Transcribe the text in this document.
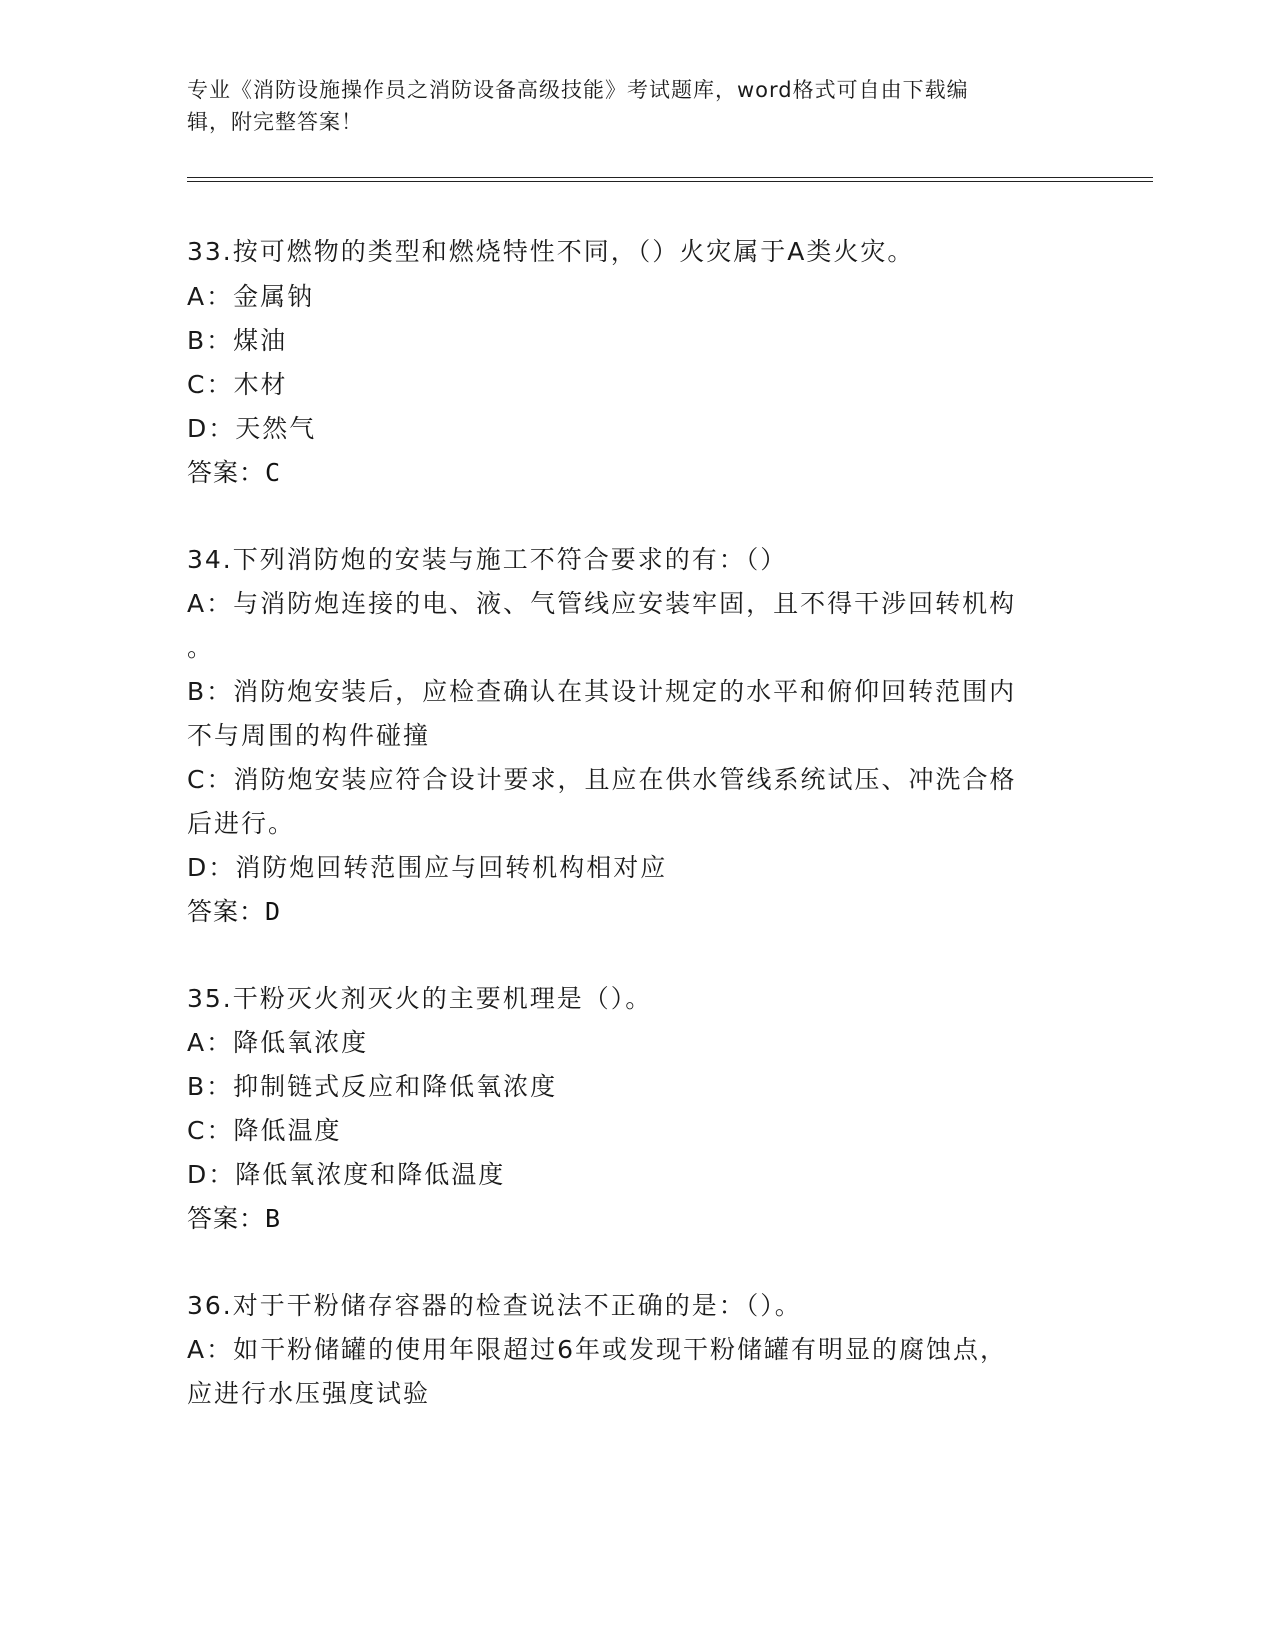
专业《消防设施操作员之消防设备高级技能》考试题库，word格式可自由下载编
辑，附完整答案！
33.按可燃物的类型和燃烧特性不同，（）火灾属于A类火灾。
A：金属钠
B：煤油
C：木材
D：天然气
答案：C
34.下列消防炮的安装与施工不符合要求的有：（）
A：与消防炮连接的电、液、气管线应安装牢固，且不得干涉回转机构
。
B：消防炮安装后，应检查确认在其设计规定的水平和俯仰回转范围内
不与周围的构件碰撞
C：消防炮安装应符合设计要求，且应在供水管线系统试压、冲洗合格
后进行。
D：消防炮回转范围应与回转机构相对应
答案：D
35.干粉灭火剂灭火的主要机理是（）。
A：降低氧浓度
B：抑制链式反应和降低氧浓度
C：降低温度
D：降低氧浓度和降低温度
答案：B
36.对于干粉储存容器的检查说法不正确的是：（）。
A：如干粉储罐的使用年限超过6年或发现干粉储罐有明显的腐蚀点，
应进行水压强度试验
